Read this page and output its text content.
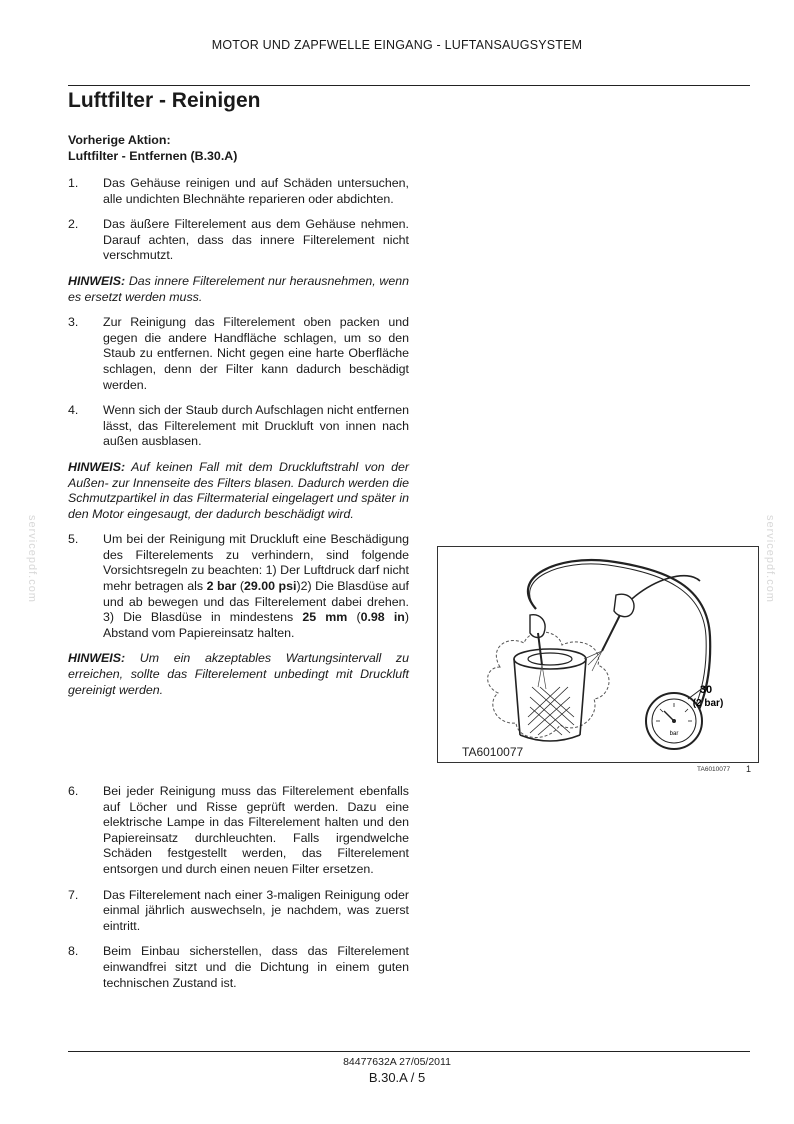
MOTOR UND ZAPFWELLE EINGANG - LUFTANSAUGSYSTEM
Luftfilter - Reinigen
Vorherige Aktion:
Luftfilter - Entfernen (B.30.A)
1.	Das Gehäuse reinigen und auf Schäden untersuchen, alle undichten Blechnähte reparieren oder abdichten.
2.	Das äußere Filterelement aus dem Gehäuse nehmen. Darauf achten, dass das innere Filterelement nicht verschmutzt.
HINWEIS: Das innere Filterelement nur herausnehmen, wenn es ersetzt werden muss.
3.	Zur Reinigung das Filterelement oben packen und gegen die andere Handfläche schlagen, um so den Staub zu entfernen. Nicht gegen eine harte Oberfläche schlagen, denn der Filter kann dadurch beschädigt werden.
4.	Wenn sich der Staub durch Aufschlagen nicht entfernen lässt, das Filterelement mit Druckluft von innen nach außen ausblasen.
HINWEIS: Auf keinen Fall mit dem Druckluftstrahl von der Außen- zur Innenseite des Filters blasen. Dadurch werden die Schmutzpartikel in das Filtermaterial eingelagert und später in den Motor eingesaugt, der dadurch beschädigt wird.
5.	Um bei der Reinigung mit Druckluft eine Beschädigung des Filterelements zu verhindern, sind folgende Vorsichtsregeln zu beachten: 1) Der Luftdruck darf nicht mehr betragen als 2 bar (29.00 psi)2) Die Blasdüse auf und ab bewegen und das Filterelement dabei drehen. 3) Die Blasdüse in mindestens 25 mm (0.98 in) Abstand vom Papiereinsatz halten.
HINWEIS: Um ein akzeptables Wartungsintervall zu erreichen, sollte das Filterelement unbedingt mit Druckluft gereinigt werden.
bar
30
(2 bar)
TA6010077
TA6010077 1
6.	Bei jeder Reinigung muss das Filterelement ebenfalls auf Löcher und Risse geprüft werden. Dazu eine elektrische Lampe in das Filterelement halten und den Papiereinsatz durchleuchten. Falls irgendwelche Schäden festgestellt werden, das Filterelement entsorgen und durch einen neuen Filter ersetzen.
7.	Das Filterelement nach einer 3-maligen Reinigung oder einmal jährlich auswechseln, je nachdem, was zuerst eintritt.
8.	Beim Einbau sicherstellen, dass das Filterelement einwandfrei sitzt und die Dichtung in einem guten technischen Zustand ist.
servicepdf.com	servicepdf.com
84477632A 27/05/2011
B.30.A / 5
